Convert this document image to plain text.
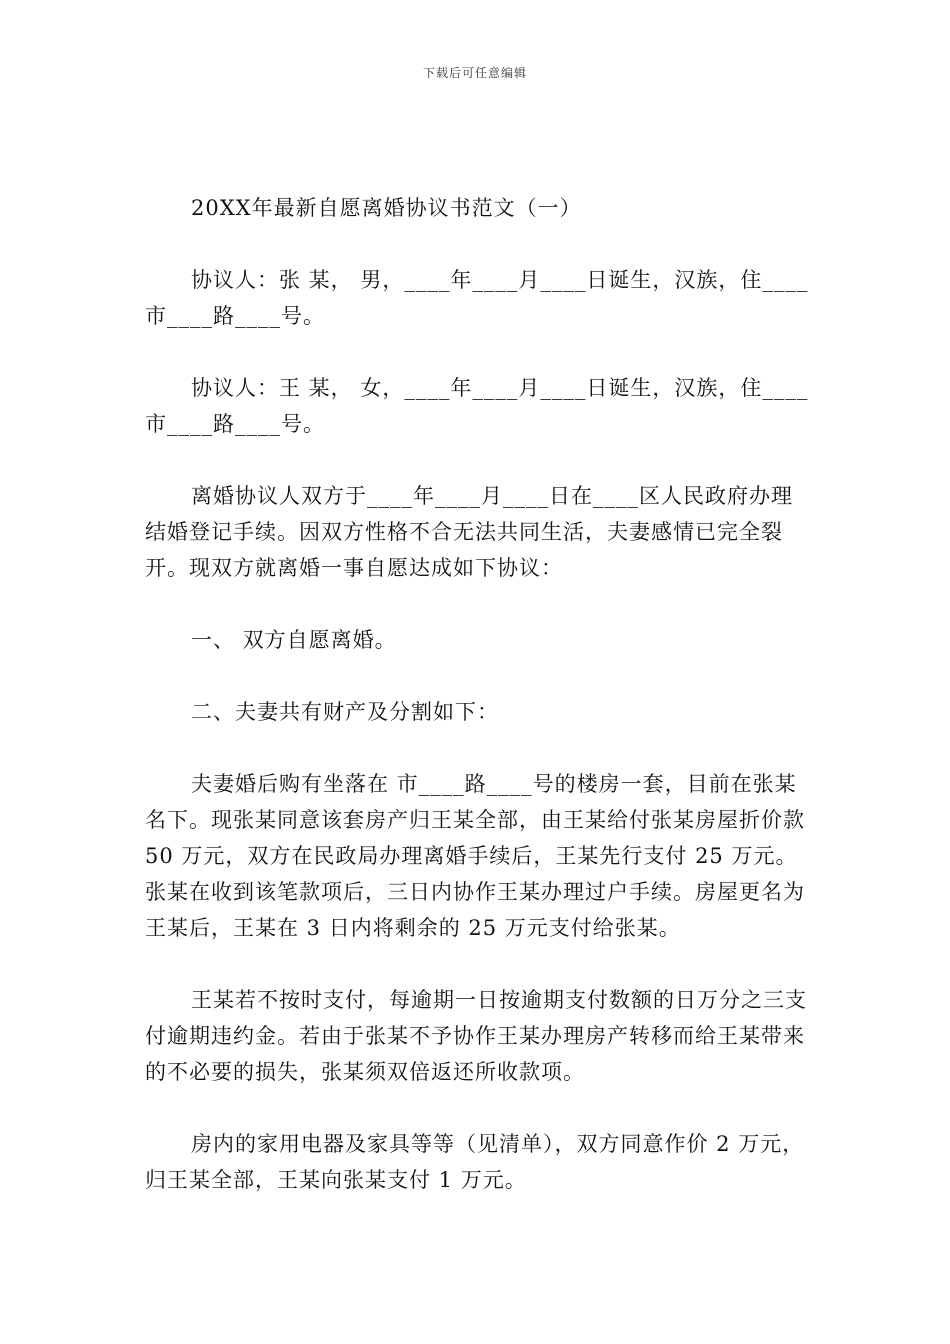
下载后可任意编辑

20XX年最新自愿离婚协议书范文（一）

协议人：张 某， 男，____年____月____日诞生，汉族，住____市____路____号。

协议人：王 某， 女，____年____月____日诞生，汉族，住____市____路____号。

离婚协议人双方于____年____月____日在____区人民政府办理结婚登记手续。因双方性格不合无法共同生活，夫妻感情已完全裂开。现双方就离婚一事自愿达成如下协议：

一、 双方自愿离婚。

二、夫妻共有财产及分割如下：

夫妻婚后购有坐落在 市____路____号的楼房一套，目前在张某名下。现张某同意该套房产归王某全部，由王某给付张某房屋折价款 50 万元，双方在民政局办理离婚手续后，王某先行支付 25 万元。张某在收到该笔款项后，三日内协作王某办理过户手续。房屋更名为王某后，王某在 3 日内将剩余的 25 万元支付给张某。

王某若不按时支付，每逾期一日按逾期支付数额的日万分之三支付逾期违约金。若由于张某不予协作王某办理房产转移而给王某带来的不必要的损失，张某须双倍返还所收款项。

房内的家用电器及家具等等（见清单），双方同意作价 2 万元，归王某全部，王某向张某支付 1 万元。
